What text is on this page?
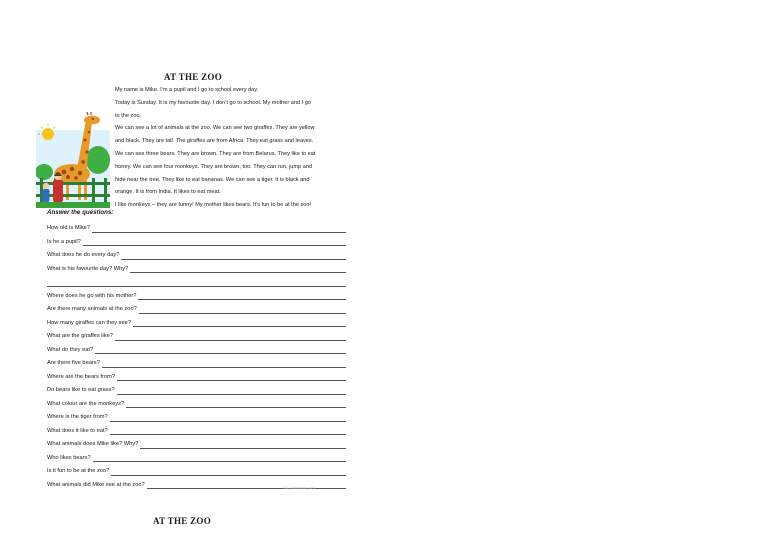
AT THE ZOO

My name is Mike. I’m a pupil and I go to school every day.

Today is Sunday. It is my favourite day. I don’t go to school. My mother and I go

to the zoo.

We can see a lot of animals at the zoo. We can see two giraffes. They are yellow

and black. They are tall. The giraffes are from Africa. They eat grass and leaves.

We can see three bears. They are brown. They are from Belarus. They like to eat

honey. We can see four monkeys. They are brown, too. They can run, jump and

hide near the tree. They like to eat bananas. We can see a tiger. It is black and

orange. It is from India. It likes to eat meat.

I like monkeys – they are funny! My mother likes bears. It’s fun to be at the zoo!

Answer the questions:
How old is Mike?
Is he a pupil?
What does he do every day?
What is his favourite day? Why?
Where does he go with his mother?
Are there many animals at the zoo?
How many giraffes can they see?
What are the giraffes like?
What do they eat?
Are there five bears?
Where are the bears from?
Do bears like to eat grass?
What colour are the monkeys?
Where is the tiger from?
What does it like to eat?
What animals does Mike like? Why?
Who likes bears?
Is it fun to be at the zoo?
What animals did Mike see at the zoo?	iSLCollective.com
AT THE ZOO
